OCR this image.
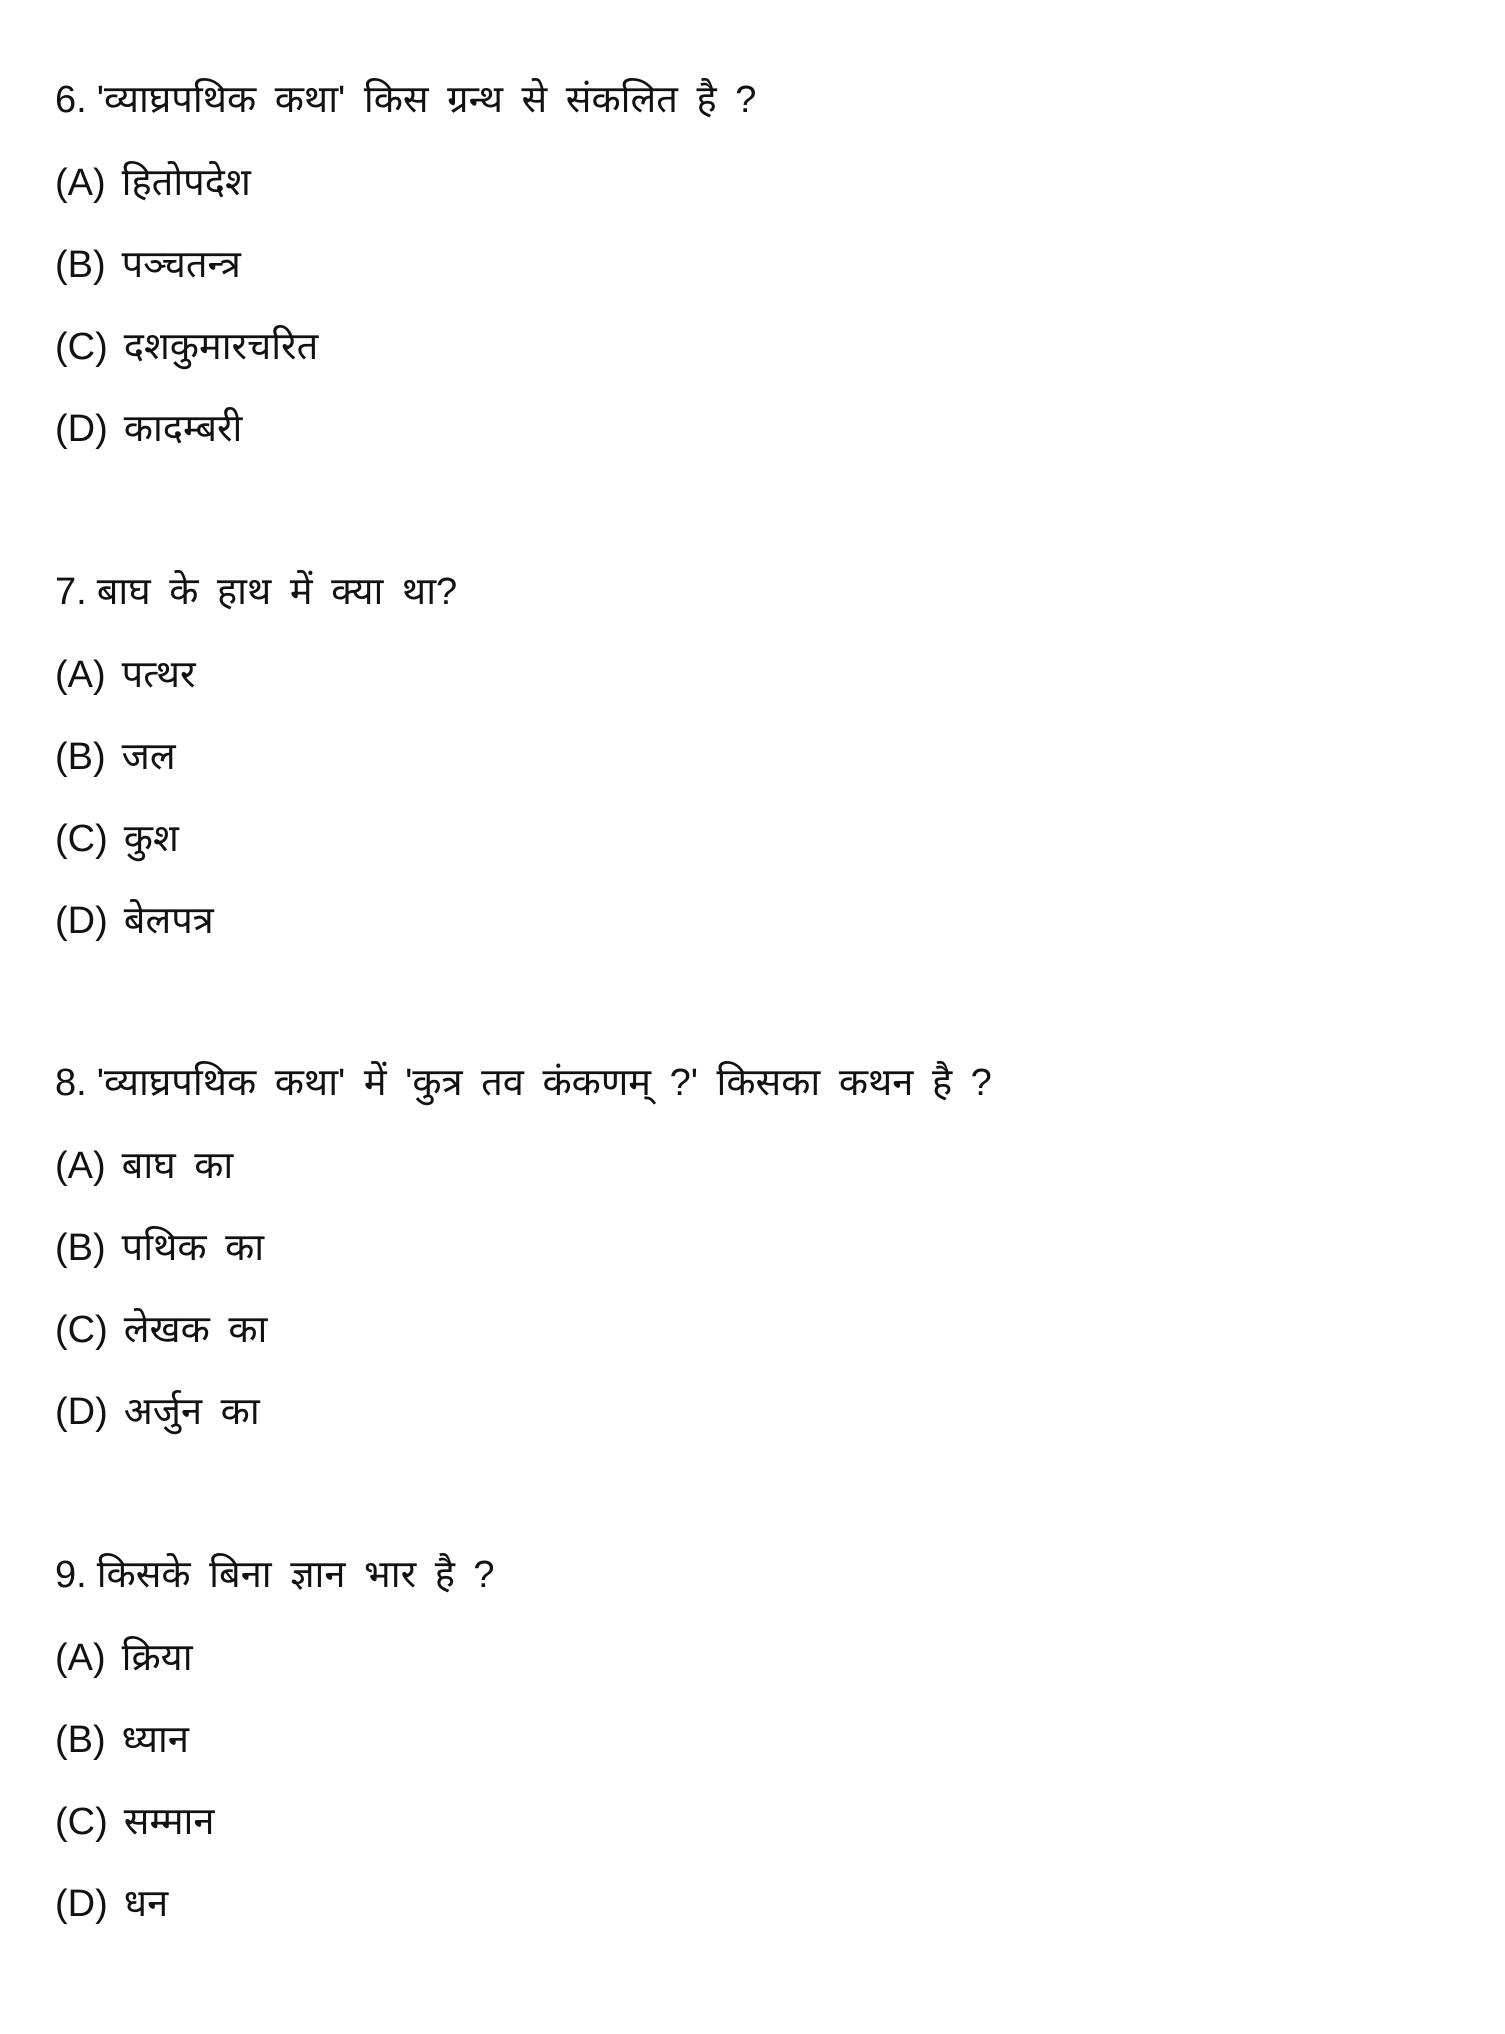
6. 'व्याघ्रपथिक कथा' किस ग्रन्थ से संकलित है ?
(A) हितोपदेश
(B) पञ्चतन्त्र
(C) दशकुमारचरित
(D) कादम्बरी
7. बाघ के हाथ में क्या था?
(A) पत्थर
(B) जल
(C) कुश
(D) बेलपत्र
8. 'व्याघ्रपथिक कथा' में 'कुत्र तव कंकणम् ?' किसका कथन है ?
(A) बाघ का
(B) पथिक का
(C) लेखक का
(D) अर्जुन का
9. किसके बिना ज्ञान भार है ?
(A) क्रिया
(B) ध्यान
(C) सम्मान
(D) धन
